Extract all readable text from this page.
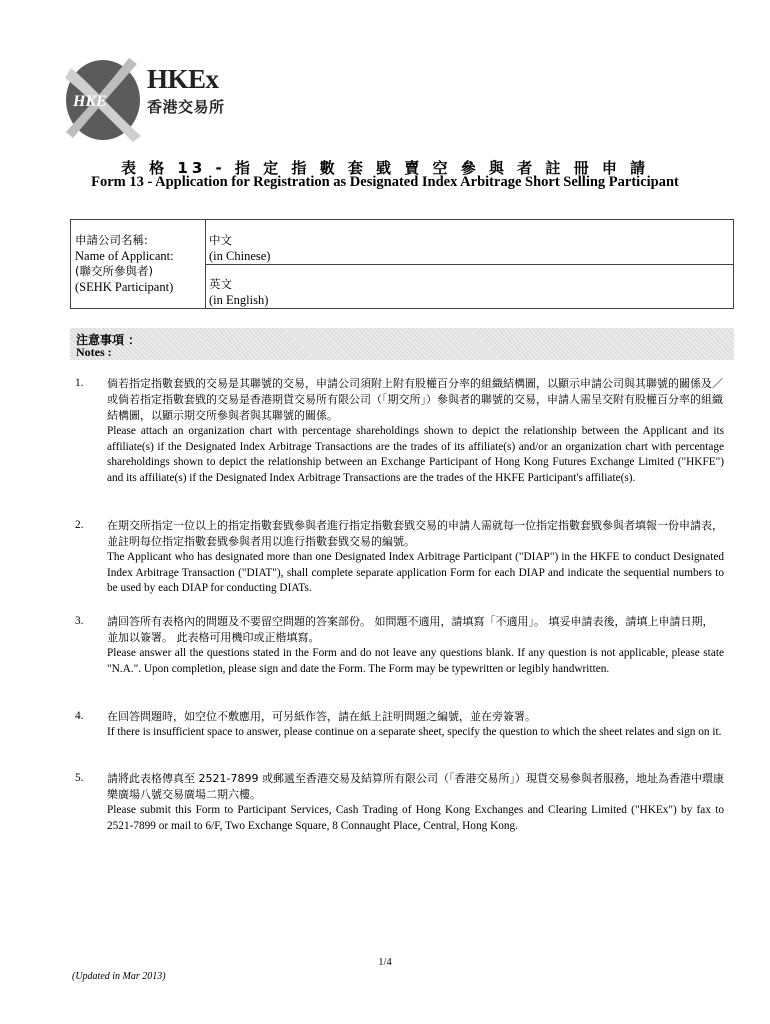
HKE
HKEx
香港交易所
表 格 13 - 指 定 指 數 套 戥 賣 空 參 與 者 註 冊 申 請
Form 13 - Application for Registration as Designated Index Arbitrage Short Selling Participant
申請公司名稱:
Name of Applicant:
(聯交所參與者)
(SEHK Participant)
中文
(in Chinese)
英文
(in English)
注意事項 ：
Notes :
1. 倘若指定指數套戥的交易是其聯號的交易，申請公司須附上附有股權百分率的組織結構圖，以顯示申請公司與其聯號的關係及／或倘若指定指數套戥的交易是香港期貨交易所有限公司（「期交所」）參與者的聯號的交易，申請人需呈交附有股權百分率的組織結構圖，以顯示期交所參與者與其聯號的關係。
Please attach an organization chart with percentage shareholdings shown to depict the relationship between the Applicant and its affiliate(s) if the Designated Index Arbitrage Transactions are the trades of its affiliate(s) and/or an organization chart with percentage shareholdings shown to depict the relationship between an Exchange Participant of Hong Kong Futures Exchange Limited ("HKFE") and its affiliate(s) if the Designated Index Arbitrage Transactions are the trades of the HKFE Participant's affiliate(s).
2. 在期交所指定一位以上的指定指數套戥參與者進行指定指數套戥交易的申請人需就每一位指定指數套戥參與者填報一份申請表，並註明每位指定指數套戥參與者用以進行指數套戥交易的編號。
The Applicant who has designated more than one Designated Index Arbitrage Participant ("DIAP") in the HKFE to conduct Designated Index Arbitrage Transaction ("DIAT"), shall complete separate application Form for each DIAP and indicate the sequential numbers to be used by each DIAP for conducting DIATs.
3. 請回答所有表格內的問題及不要留空問題的答案部份。 如問題不適用，請填寫「不適用」。 填妥申請表後，請填上申請日期，並加以簽署。 此表格可用機印或正楷填寫。
Please answer all the questions stated in the Form and do not leave any questions blank. If any question is not applicable, please state "N.A.". Upon completion, please sign and date the Form. The Form may be typewritten or legibly handwritten.
4. 在回答問題時，如空位不敷應用，可另紙作答，請在紙上註明問題之編號，並在旁簽署。
If there is insufficient space to answer, please continue on a separate sheet, specify the question to which the sheet relates and sign on it.
5. 請將此表格傳真至 2521-7899 或郵遞至香港交易及結算所有限公司（「香港交易所」）現貨交易參與者服務，地址為香港中環康樂廣場八號交易廣場二期六樓。
Please submit this Form to Participant Services, Cash Trading of Hong Kong Exchanges and Clearing Limited ("HKEx") by fax to 2521-7899 or mail to 6/F, Two Exchange Square, 8 Connaught Place, Central, Hong Kong.
1/4
(Updated in Mar 2013)
